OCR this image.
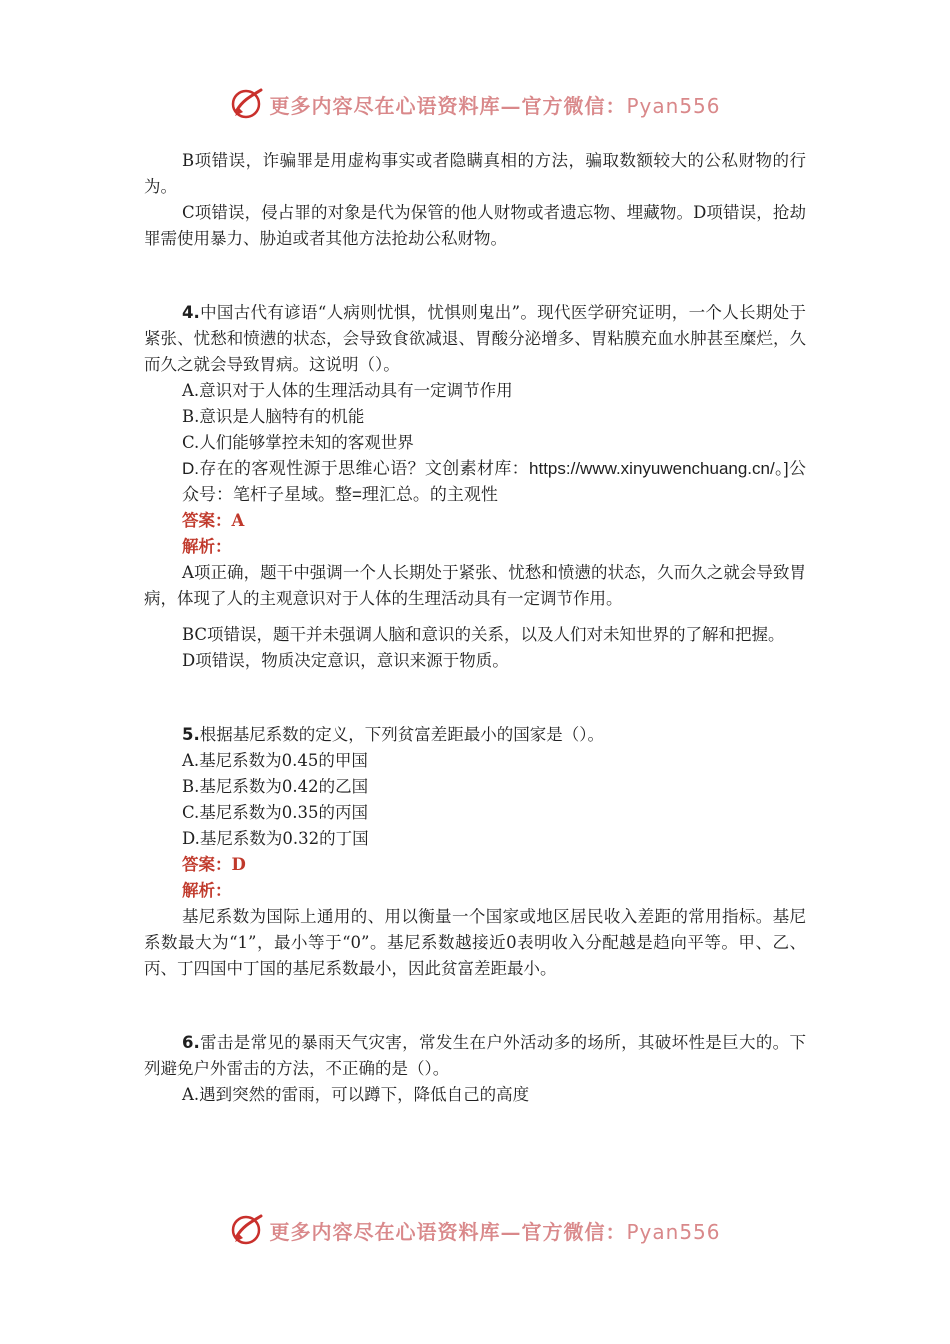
更多内容尽在心语资料库—官方微信：Pyan556

B项错误，诈骗罪是用虚构事实或者隐瞒真相的方法，骗取数额较大的公私财物的行为。

C项错误，侵占罪的对象是代为保管的他人财物或者遗忘物、埋藏物。D项错误，抢劫罪需使用暴力、胁迫或者其他方法抢劫公私财物。

4.中国古代有谚语“人病则忧惧，忧惧则鬼出”。现代医学研究证明，一个人长期处于紧张、忧愁和愤懑的状态，会导致食欲减退、胃酸分泌增多、胃粘膜充血水肿甚至糜烂，久而久之就会导致胃病。这说明（）。

A.意识对于人体的生理活动具有一定调节作用

B.意识是人脑特有的机能

C.人们能够掌控未知的客观世界

D.存在的客观性源于思维心语？文创素材库：https://www.xinyuwenchuang.cn/。]公众号：笔杆子星域。整=理汇总。的主观性

答案：A

解析：

A项正确，题干中强调一个人长期处于紧张、忧愁和愤懑的状态，久而久之就会导致胃病，体现了人的主观意识对于人体的生理活动具有一定调节作用。

BC项错误，题干并未强调人脑和意识的关系，以及人们对未知世界的了解和把握。

D项错误，物质决定意识，意识来源于物质。

5.根据基尼系数的定义，下列贫富差距最小的国家是（）。

A.基尼系数为0.45的甲国

B.基尼系数为0.42的乙国

C.基尼系数为0.35的丙国

D.基尼系数为0.32的丁国

答案：D

解析：

基尼系数为国际上通用的、用以衡量一个国家或地区居民收入差距的常用指标。基尼系数最大为“1”，最小等于“0”。基尼系数越接近0表明收入分配越是趋向平等。甲、乙、丙、丁四国中丁国的基尼系数最小，因此贫富差距最小。

6.雷击是常见的暴雨天气灾害，常发生在户外活动多的场所，其破坏性是巨大的。下列避免户外雷击的方法，不正确的是（）。

A.遇到突然的雷雨，可以蹲下，降低自己的高度

更多内容尽在心语资料库—官方微信：Pyan556
